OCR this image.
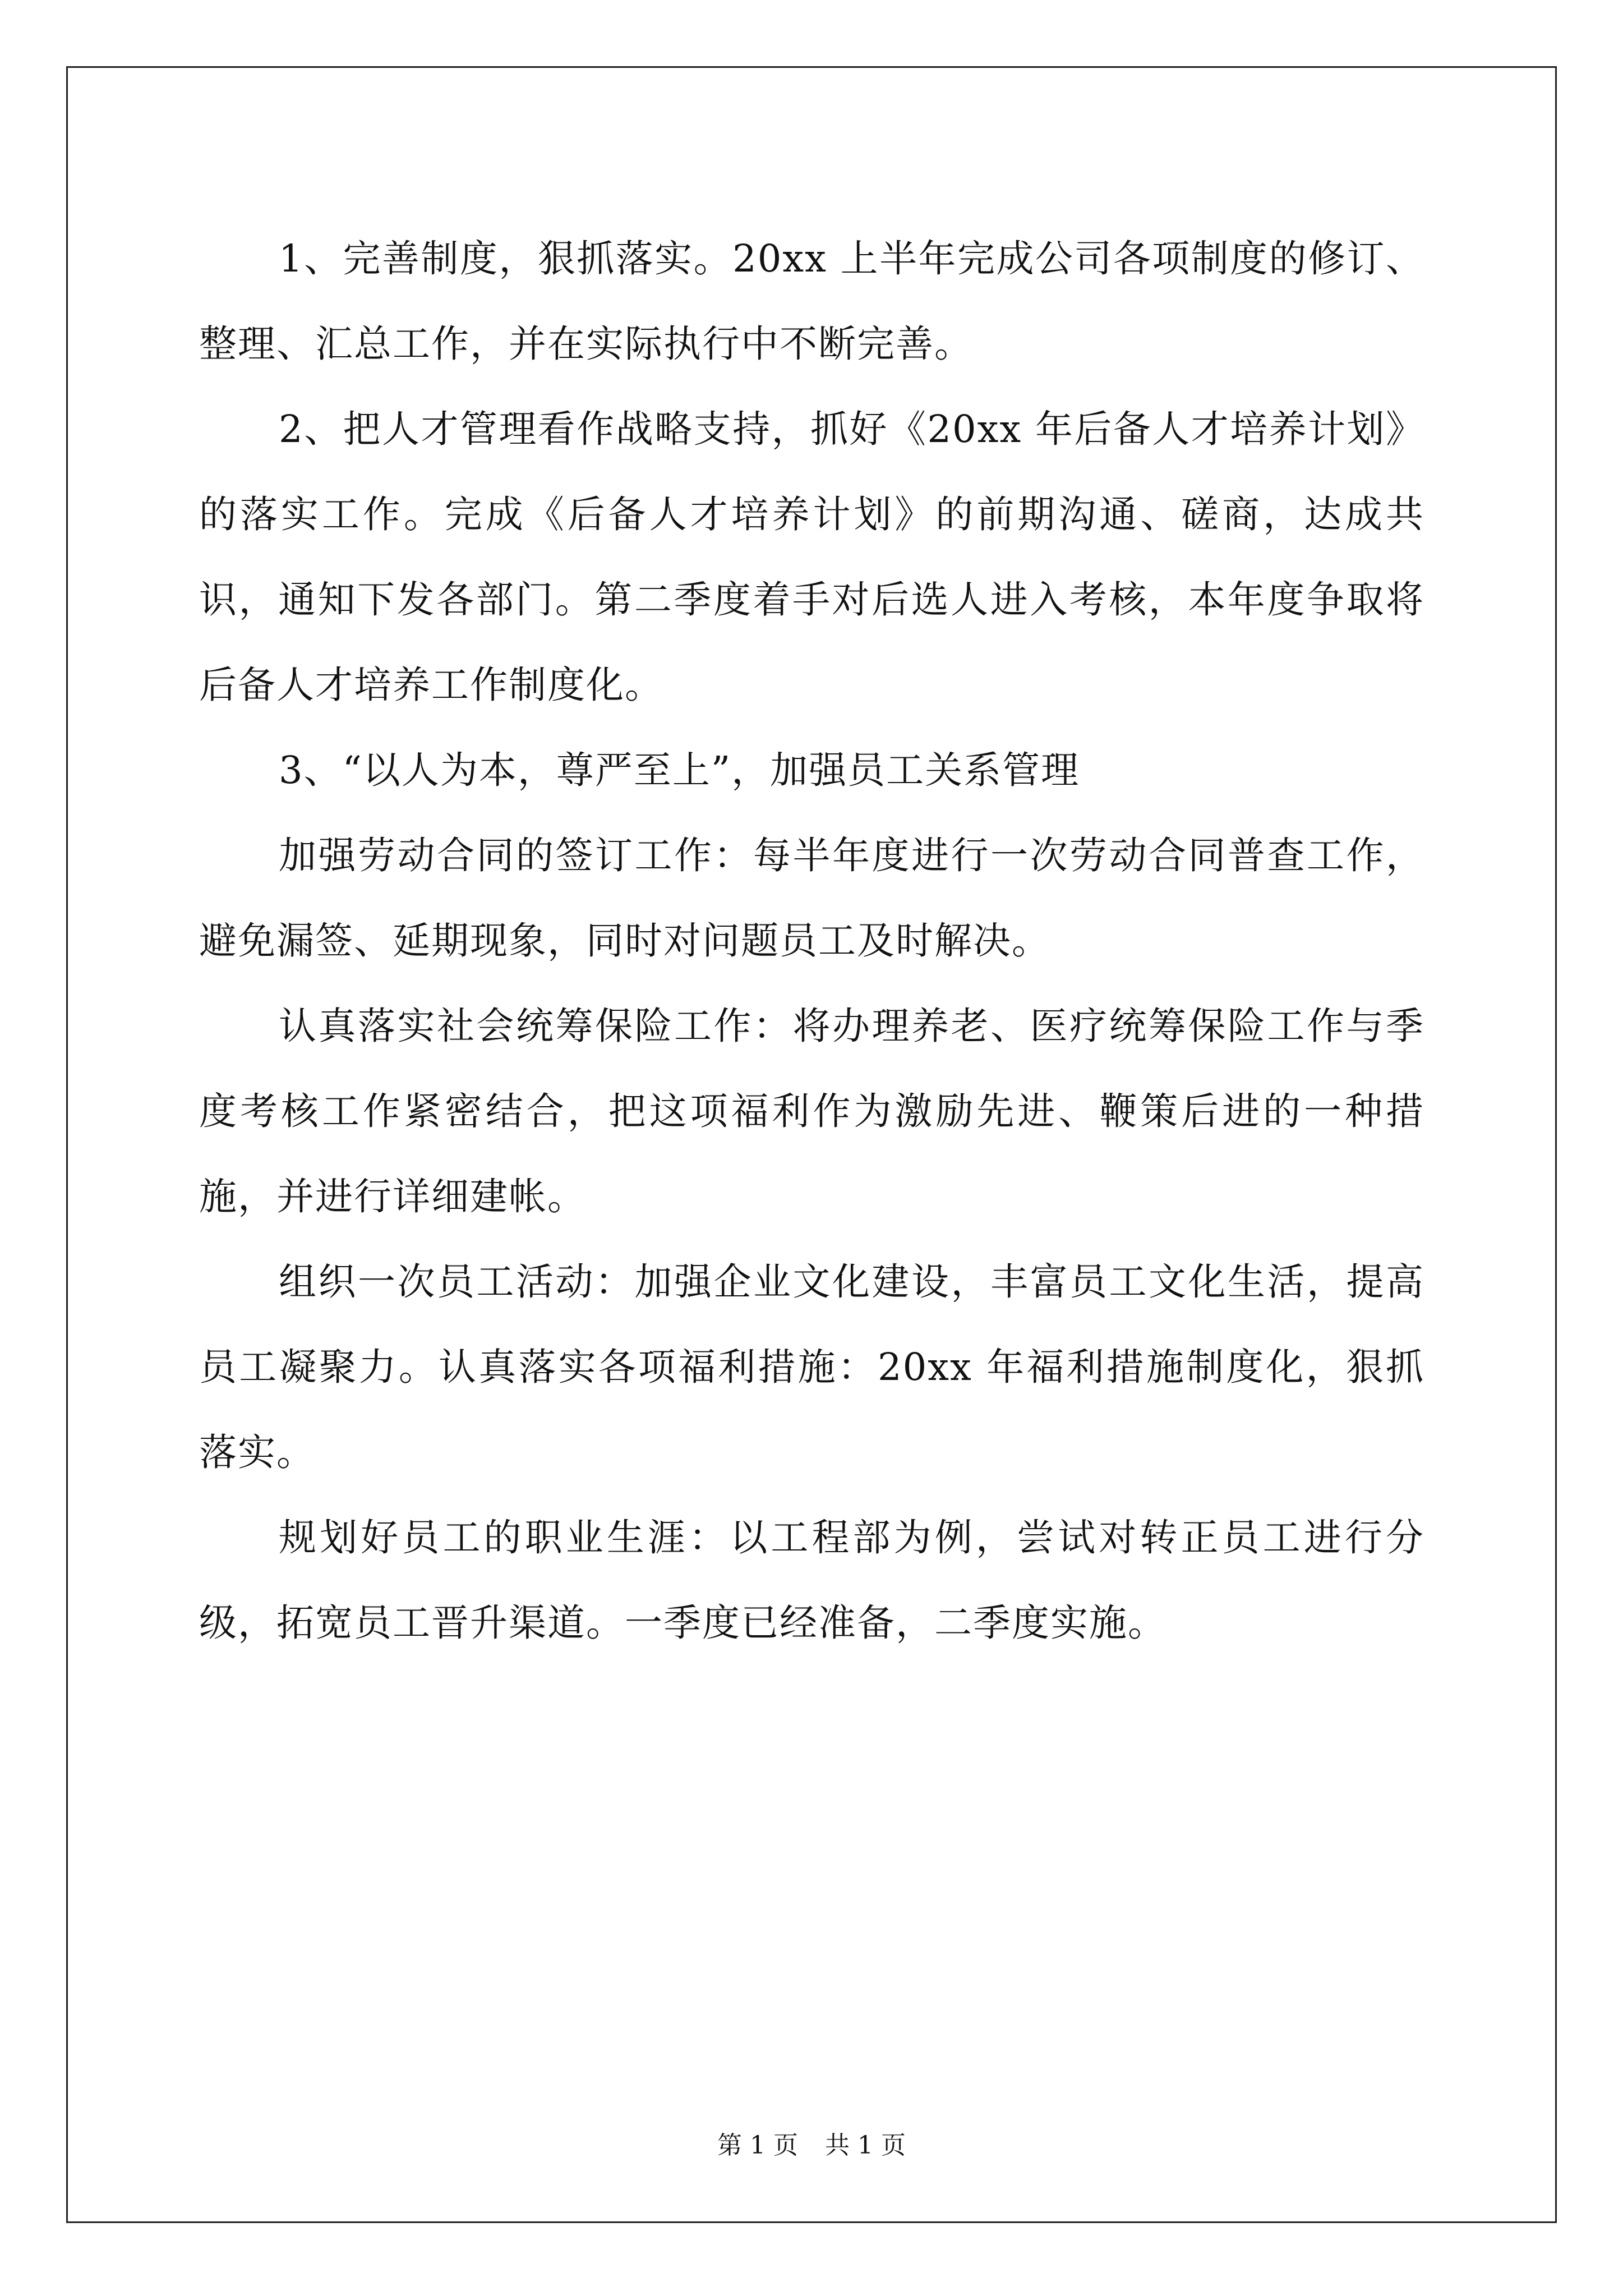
1、完善制度，狠抓落实。20xx 上半年完成公司各项制度的修订、整理、汇总工作，并在实际执行中不断完善。

2、把人才管理看作战略支持，抓好《20xx 年后备人才培养计划》的落实工作。完成《后备人才培养计划》的前期沟通、磋商，达成共识，通知下发各部门。第二季度着手对后选人进入考核，本年度争取将后备人才培养工作制度化。

3、“以人为本，尊严至上”，加强员工关系管理

加强劳动合同的签订工作：每半年度进行一次劳动合同普查工作，避免漏签、延期现象，同时对问题员工及时解决。

认真落实社会统筹保险工作：将办理养老、医疗统筹保险工作与季度考核工作紧密结合，把这项福利作为激励先进、鞭策后进的一种措施，并进行详细建帐。

组织一次员工活动：加强企业文化建设，丰富员工文化生活，提高员工凝聚力。认真落实各项福利措施：20xx 年福利措施制度化，狠抓落实。

规划好员工的职业生涯：以工程部为例，尝试对转正员工进行分级，拓宽员工晋升渠道。一季度已经准备，二季度实施。

第 1 页 共 1 页
